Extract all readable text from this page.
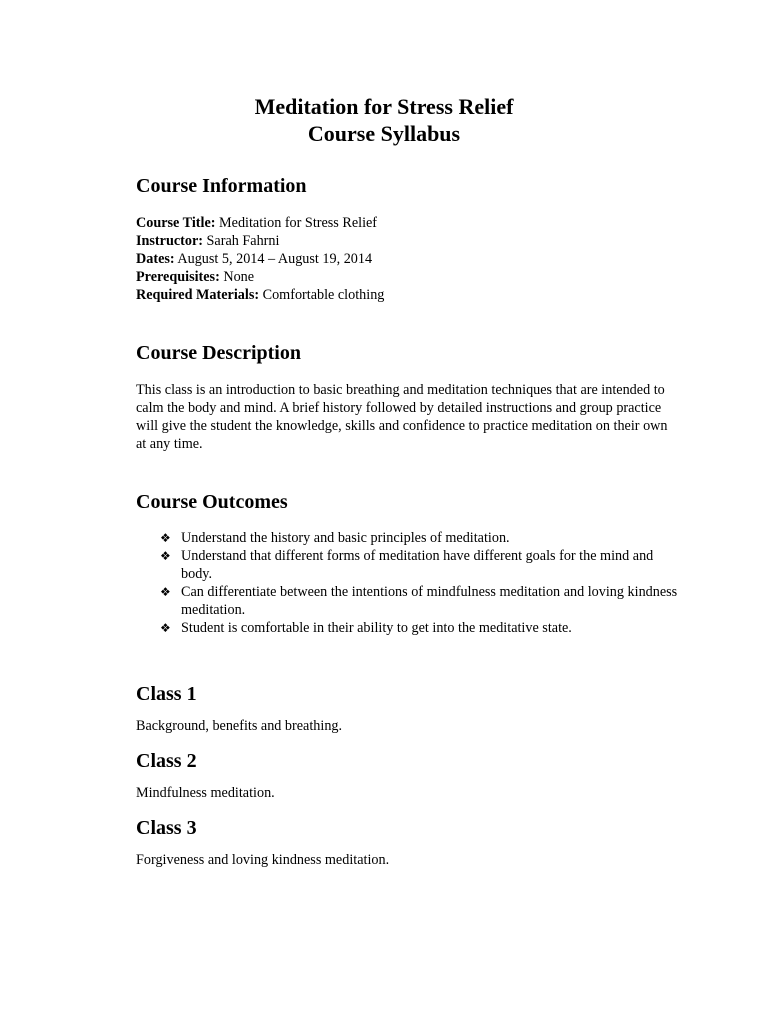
Meditation for Stress Relief
Course Syllabus
Course Information
Course Title: Meditation for Stress Relief
Instructor: Sarah Fahrni
Dates: August 5, 2014 – August 19, 2014
Prerequisites: None
Required Materials: Comfortable clothing
Course Description

This class is an introduction to basic breathing and meditation techniques that are intended to calm the body and mind. A brief history followed by detailed instructions and group practice will give the student the knowledge, skills and confidence to practice meditation on their own at any time.

Course Outcomes
❖ Understand the history and basic principles of meditation.
❖ Understand that different forms of meditation have different goals for the mind and body.
❖ Can differentiate between the intentions of mindfulness meditation and loving kindness meditation.
❖ Student is comfortable in their ability to get into the meditative state.
Class 1

Background, benefits and breathing.

Class 2

Mindfulness meditation.

Class 3

Forgiveness and loving kindness meditation.
